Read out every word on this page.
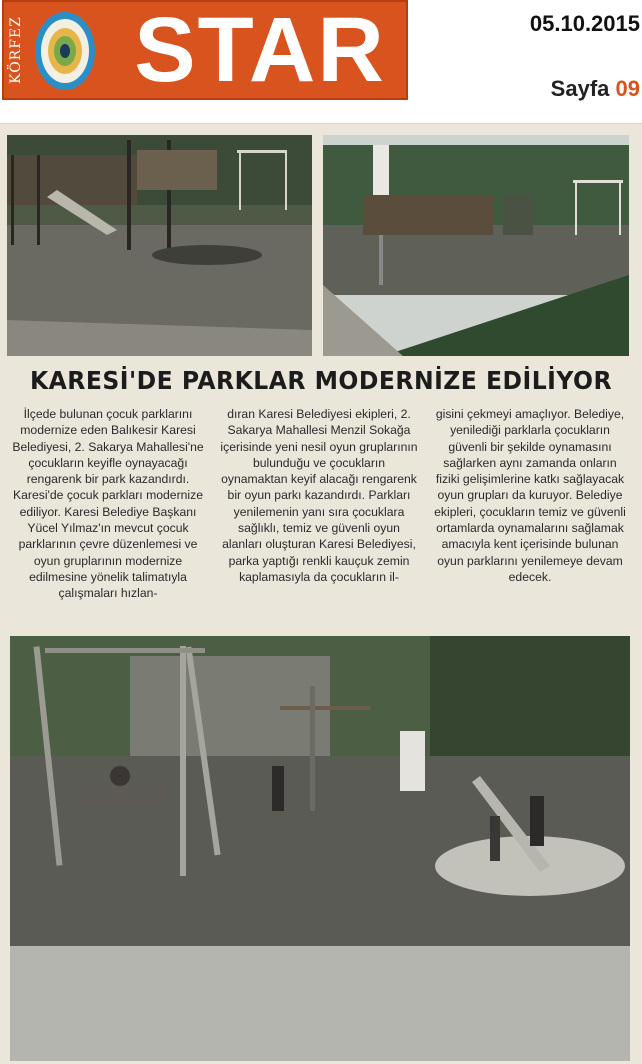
KÖRFEZ STAR	05.10.2015
Sayfa 09
KARESİ'DE PARKLAR MODERNİZE EDİLİYOR

İlçede bulunan çocuk parklarını modernize eden Balıkesir Karesi Belediyesi, 2. Sakarya Mahallesi'ne çocukların keyifle oynayacağı rengarenk bir park kazandırdı. Karesi'de çocuk parkları modernize ediliyor. Karesi Belediye Başkanı Yücel Yılmaz'ın mevcut çocuk parklarının çevre düzenlemesi ve oyun gruplarının modernize edilmesine yönelik talimatıyla çalışmaları hızlan-

dıran Karesi Belediyesi ekipleri, 2. Sakarya Mahallesi Menzil Sokağa içerisinde yeni nesil oyun gruplarının bulunduğu ve çocukların oynamaktan keyif alacağı rengarenk bir oyun parkı kazandırdı. Parkları yenilemenin yanı sıra çocuklara sağlıklı, temiz ve güvenli oyun alanları oluşturan Karesi Belediyesi, parka yaptığı renkli kauçuk zemin kaplamasıyla da çocukların il-

gisini çekmeyi amaçlıyor. Belediye, yenilediği parklarla çocukların güvenli bir şekilde oynamasını sağlarken aynı zamanda onların fiziki gelişimlerine katkı sağlayacak oyun grupları da kuruyor. Belediye ekipleri, çocukların temiz ve güvenli ortamlarda oynamalarını sağlamak amacıyla kent içerisinde bulunan oyun parklarını yenilemeye devam edecek.
